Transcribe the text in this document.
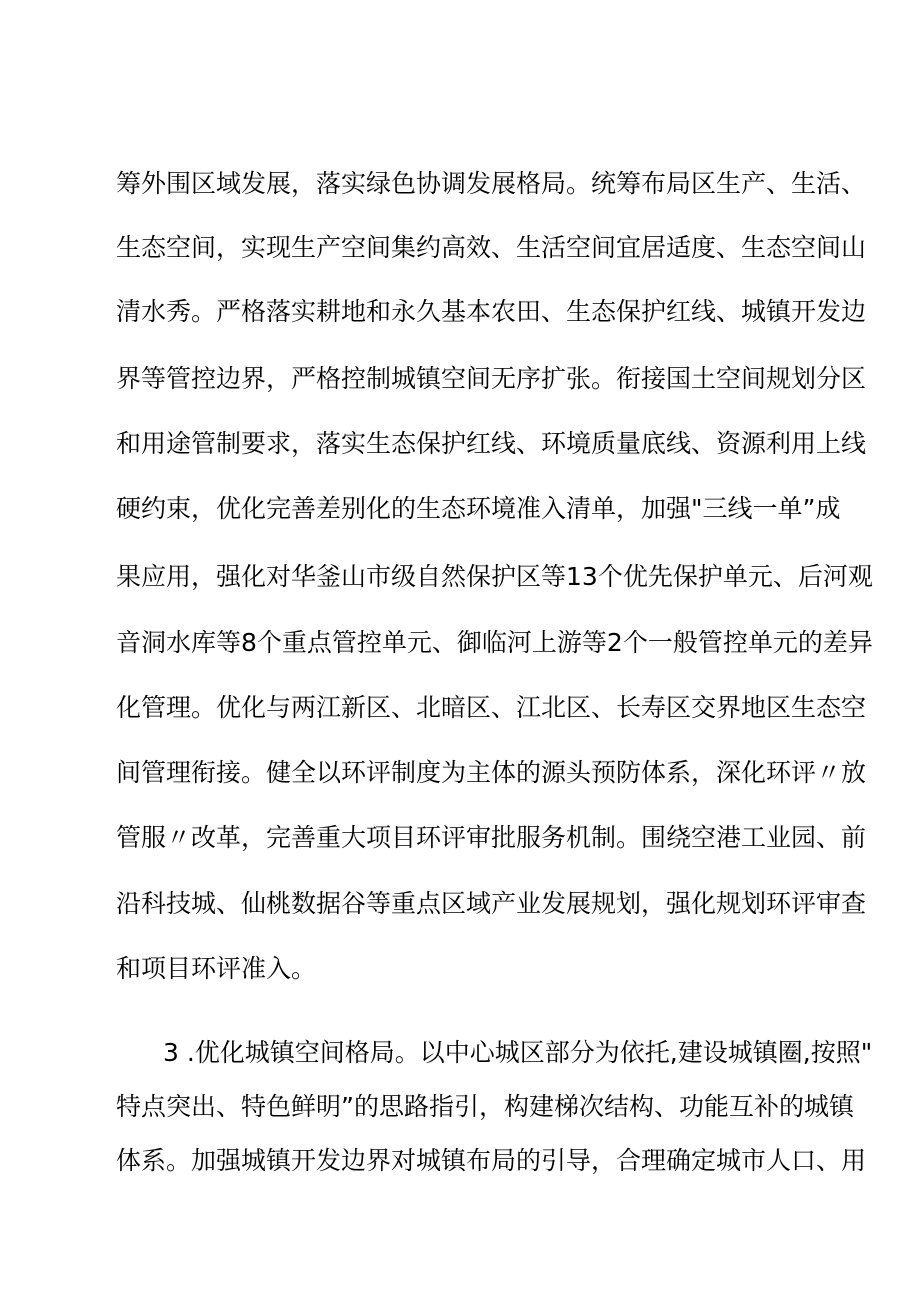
筹外围区域发展，落实绿色协调发展格局。统筹布局区生产、生活、
生态空间，实现生产空间集约高效、生活空间宜居适度、生态空间山
清水秀。严格落实耕地和永久基本农田、生态保护红线、城镇开发边
界等管控边界，严格控制城镇空间无序扩张。衔接国土空间规划分区
和用途管制要求，落实生态保护红线、环境质量底线、资源利用上线
硬约束，优化完善差别化的生态环境准入清单，加强"三线一单”成
果应用，强化对华釜山市级自然保护区等13个优先保护单元、后河观
音洞水库等8个重点管控单元、御临河上游等2个一般管控单元的差异
化管理。优化与两江新区、北暗区、江北区、长寿区交界地区生态空
间管理衔接。健全以环评制度为主体的源头预防体系，深化环评〃放
管服〃改革，完善重大项目环评审批服务机制。围绕空港工业园、前
沿科技城、仙桃数据谷等重点区域产业发展规划，强化规划环评审查
和项目环评准入。
3 .优化城镇空间格局。以中心城区部分为依托,建设城镇圈,按照"
特点突出、特色鲜明”的思路指引，构建梯次结构、功能互补的城镇
体系。加强城镇开发边界对城镇布局的引导，合理确定城市人口、用
